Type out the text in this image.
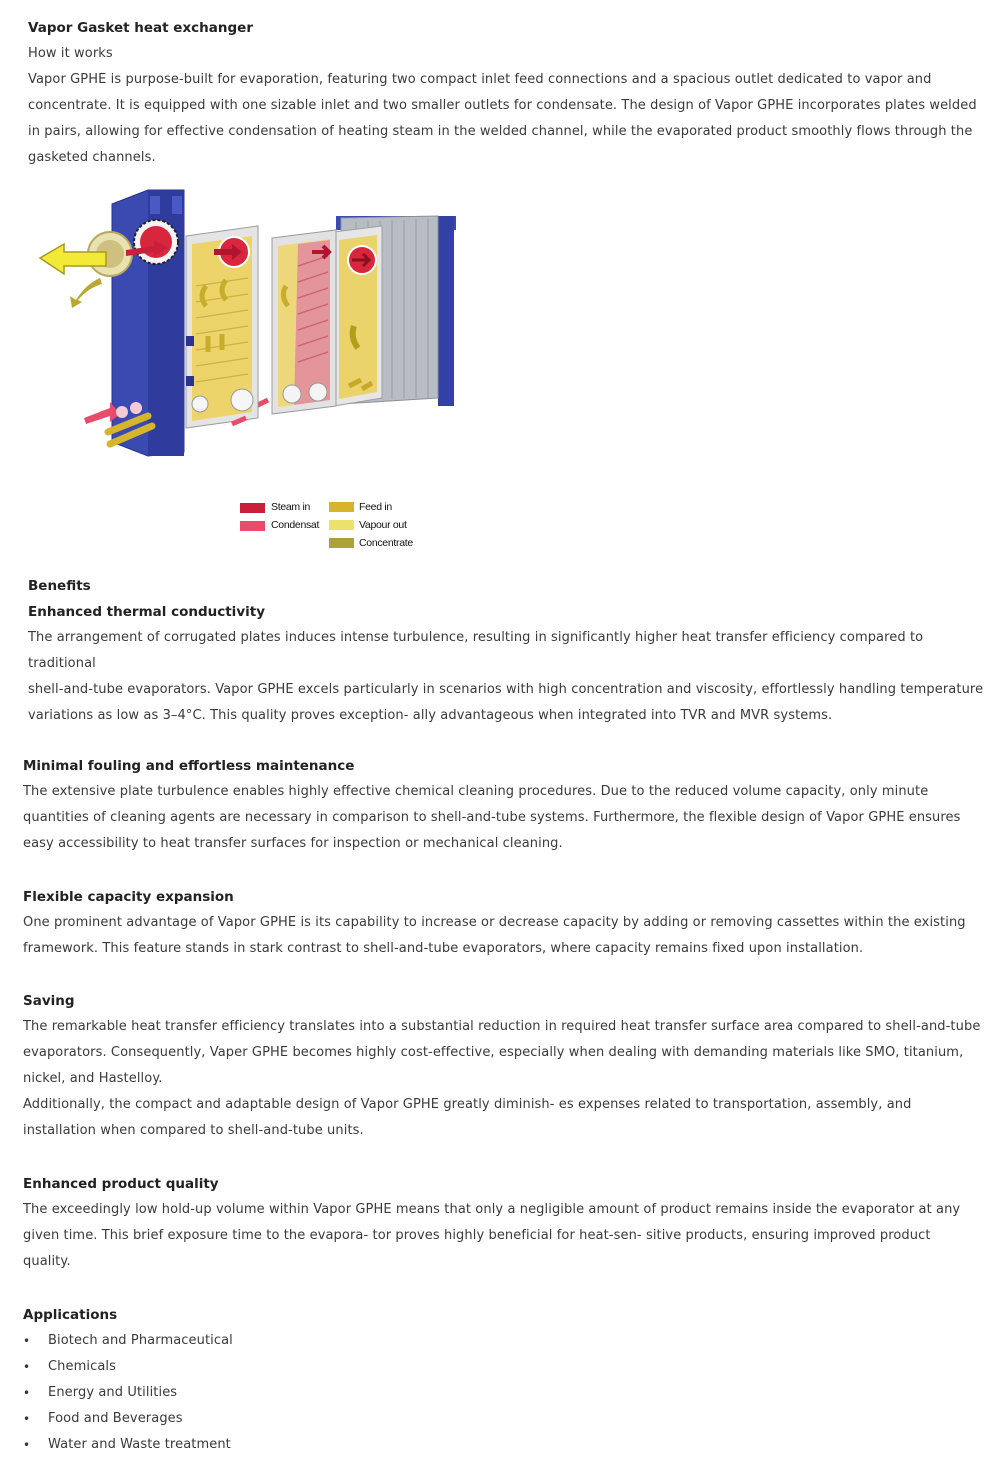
Vapor Gasket heat exchanger
How it works
Vapor GPHE is purpose-built for evaporation, featuring two compact inlet feed connections and a spacious outlet dedicated to vapor and
concentrate. It is equipped with one sizable inlet and two smaller outlets for condensate. The design of Vapor GPHE incorporates plates welded
in pairs, allowing for effective condensation of heating steam in the welded channel, while the evaporated product smoothly flows through the
gasketed channels.
Steam in
Condensat
Feed in
Vapour out
Concentrate
Benefits
Enhanced thermal conductivity
The arrangement of corrugated plates induces intense turbulence, resulting in significantly higher heat transfer efficiency compared to
traditional
shell-and-tube evaporators. Vapor GPHE excels particularly in scenarios with high concentration and viscosity, effortlessly handling temperature
variations as low as 3–4°C. This quality proves exception- ally advantageous when integrated into TVR and MVR systems.
Minimal fouling and effortless maintenance
The extensive plate turbulence enables highly effective chemical cleaning procedures. Due to the reduced volume capacity, only minute
quantities of cleaning agents are necessary in comparison to shell-and-tube systems. Furthermore, the flexible design of Vapor GPHE ensures
easy accessibility to heat transfer surfaces for inspection or mechanical cleaning.
Flexible capacity expansion
One prominent advantage of Vapor GPHE is its capability to increase or decrease capacity by adding or removing cassettes within the existing
framework. This feature stands in stark contrast to shell-and-tube evaporators, where capacity remains fixed upon installation.
Saving
The remarkable heat transfer efficiency translates into a substantial reduction in required heat transfer surface area compared to shell-and-tube
evaporators. Consequently, Vaper GPHE becomes highly cost-effective, especially when dealing with demanding materials like SMO, titanium,
nickel, and Hastelloy.
Additionally, the compact and adaptable design of Vapor GPHE greatly diminish- es expenses related to transportation, assembly, and
installation when compared to shell-and-tube units.
Enhanced product quality
The exceedingly low hold-up volume within Vapor GPHE means that only a negligible amount of product remains inside the evaporator at any
given time. This brief exposure time to the evapora- tor proves highly beneficial for heat-sen- sitive products, ensuring improved product
quality.
Applications
• Biotech and Pharmaceutical
• Chemicals
• Energy and Utilities
• Food and Beverages
• Water and Waste treatment
